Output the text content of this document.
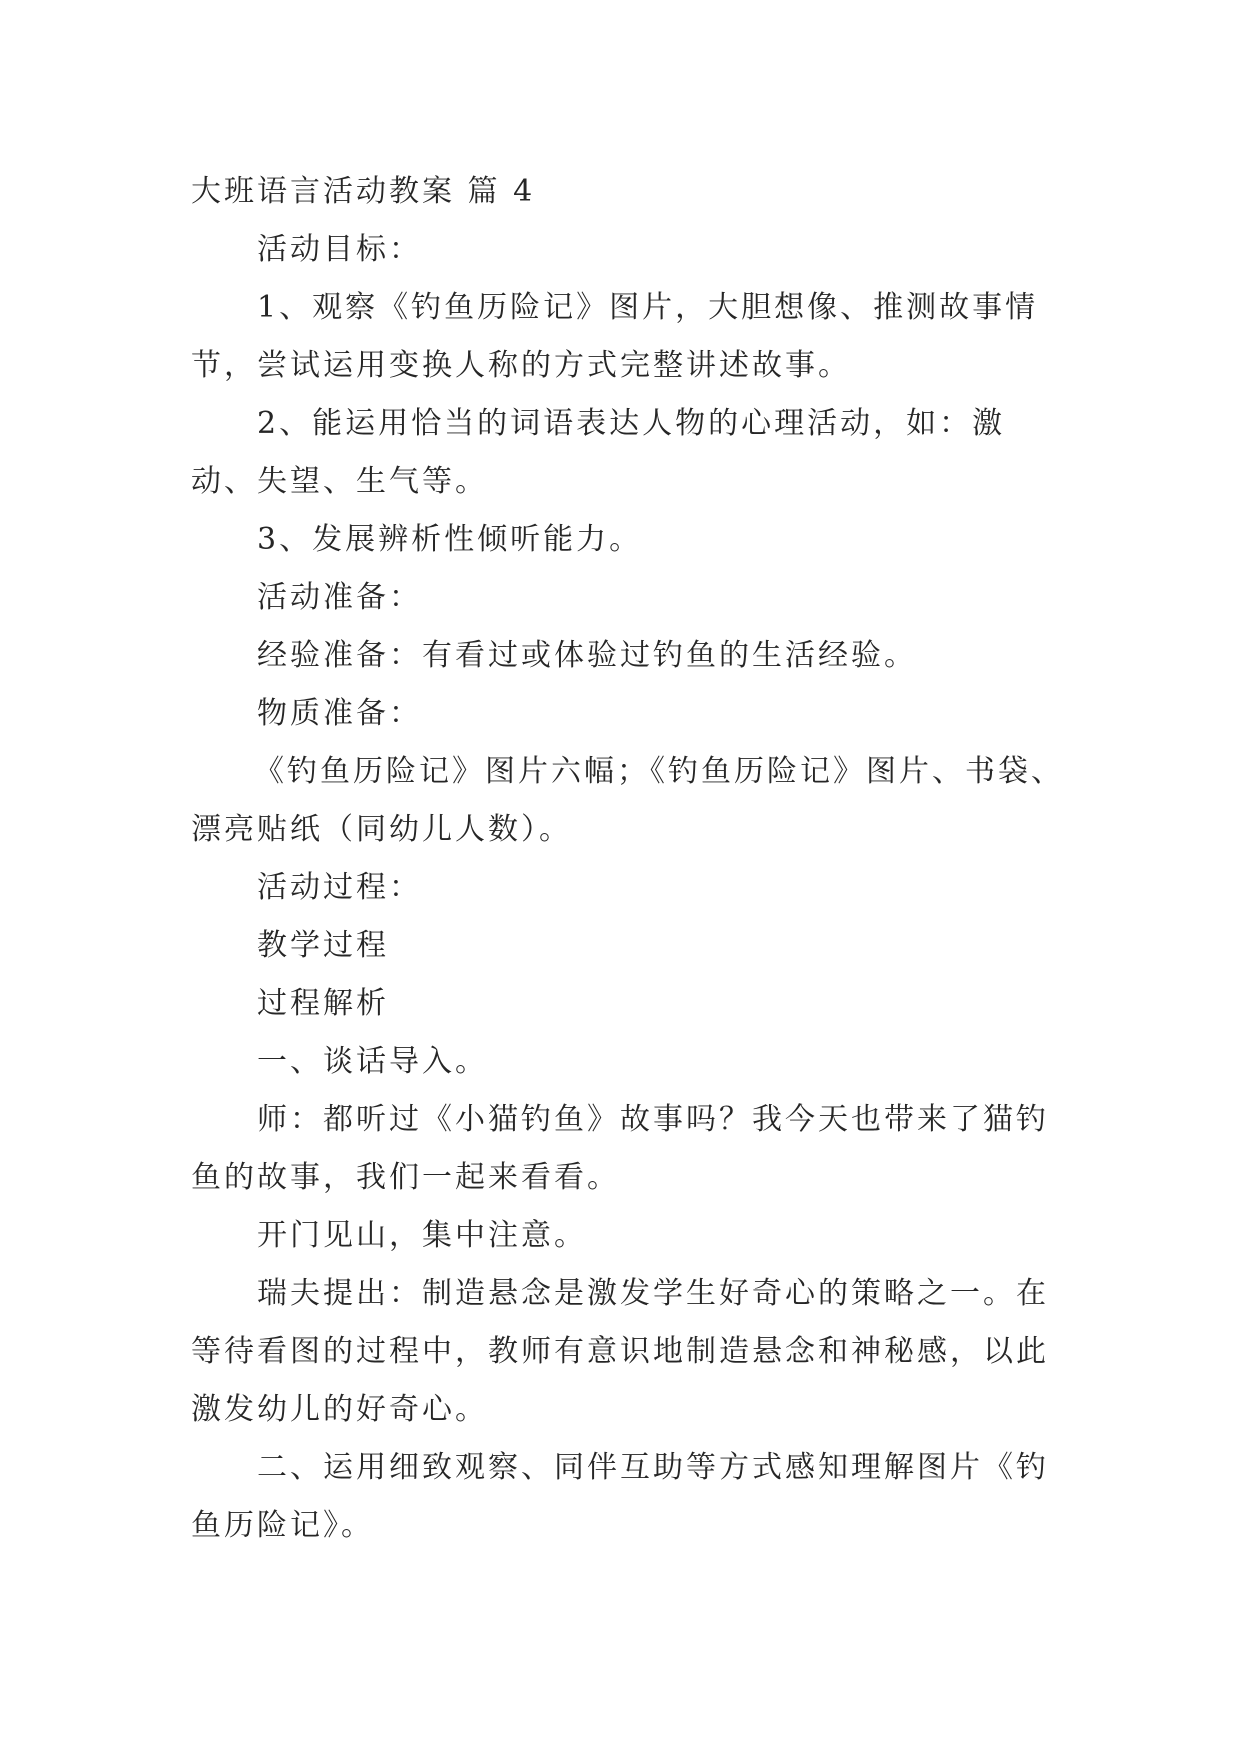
大班语言活动教案 篇 4

活动目标：

1、观察《钓鱼历险记》图片，大胆想像、推测故事情节，尝试运用变换人称的方式完整讲述故事。

2、能运用恰当的词语表达人物的心理活动，如：激动、失望、生气等。

3、发展辨析性倾听能力。

活动准备：

经验准备：有看过或体验过钓鱼的生活经验。

物质准备：

《钓鱼历险记》图片六幅；《钓鱼历险记》图片、书袋、漂亮贴纸（同幼儿人数）。

活动过程：

教学过程

过程解析

一、谈话导入。

师：都听过《小猫钓鱼》故事吗？我今天也带来了猫钓鱼的故事，我们一起来看看。

开门见山，集中注意。

瑞夫提出：制造悬念是激发学生好奇心的策略之一。在等待看图的过程中，教师有意识地制造悬念和神秘感，以此激发幼儿的好奇心。

二、运用细致观察、同伴互助等方式感知理解图片《钓鱼历险记》。
